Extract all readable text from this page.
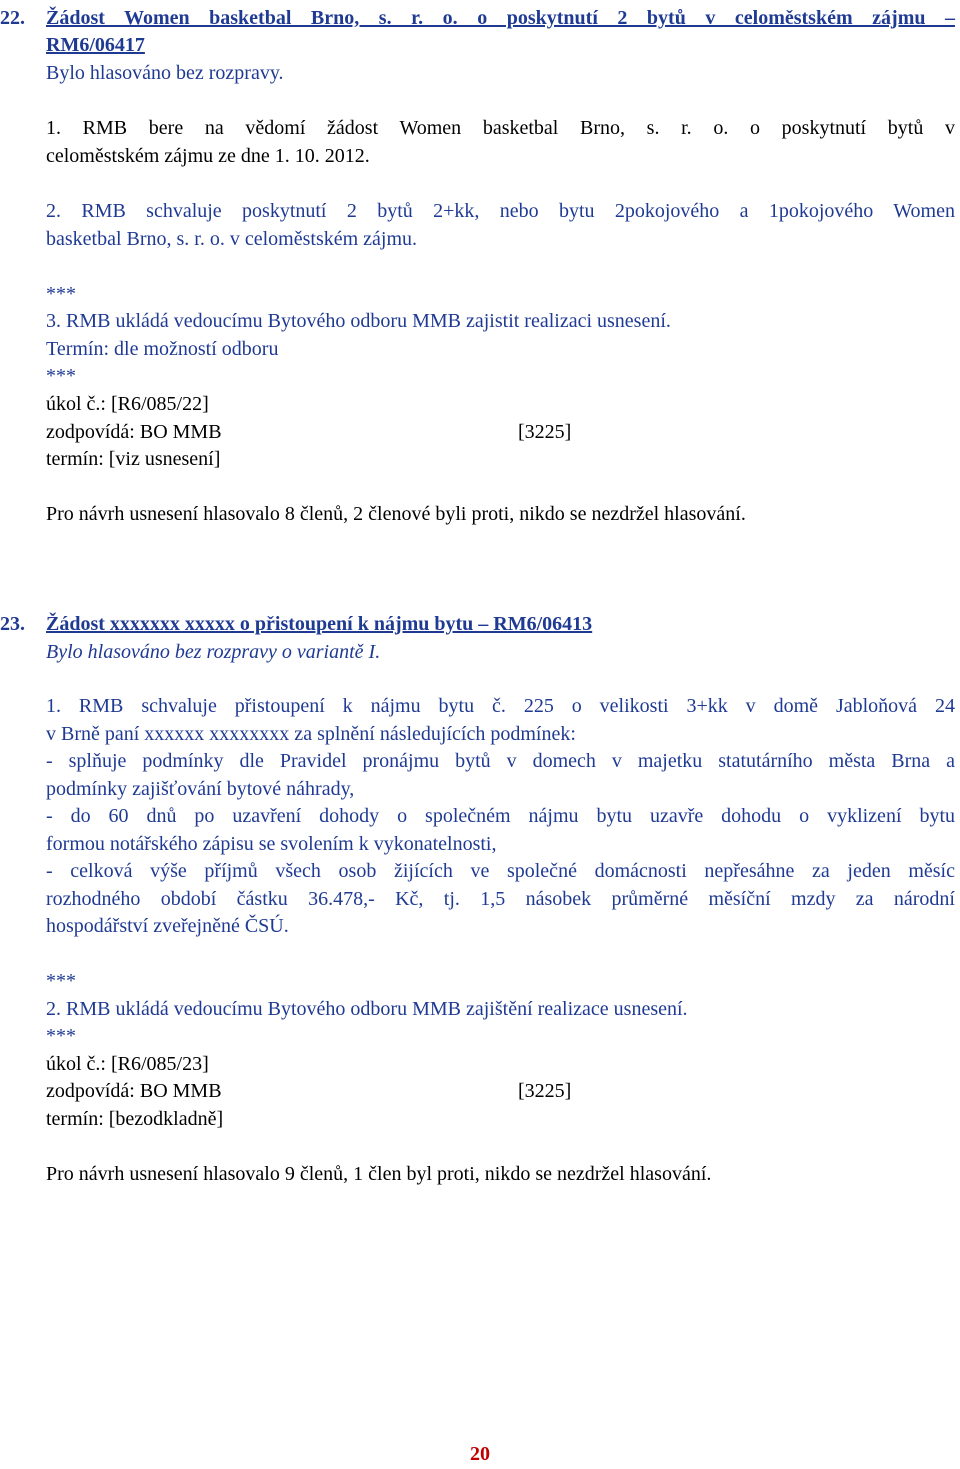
22. Žádost Women basketbal Brno, s. r. o. o poskytnutí 2 bytů v celoměstském zájmu –

RM6/06417

Bylo hlasováno bez rozpravy.

1. RMB bere na vědomí žádost Women basketbal Brno, s. r. o. o poskytnutí bytů v

celoměstském zájmu ze dne 1. 10. 2012.

2. RMB schvaluje poskytnutí 2 bytů 2+kk, nebo bytu 2pokojového a 1pokojového Women

basketbal Brno, s. r. o. v celoměstském zájmu.

***

3. RMB ukládá vedoucímu Bytového odboru MMB zajistit realizaci usnesení.

Termín: dle možností odboru

***

úkol č.: [R6/085/22]

zodpovídá: BO MMB	[3225]

termín: [viz usnesení]

Pro návrh usnesení hlasovalo 8 členů, 2 členové byli proti, nikdo se nezdržel hlasování.

23. Žádost xxxxxxx xxxxx o přistoupení k nájmu bytu – RM6/06413

Bylo hlasováno bez rozpravy o variantě I.

1. RMB schvaluje přistoupení k nájmu bytu č. 225 o velikosti 3+kk v domě Jabloňová 24

v Brně paní xxxxxx xxxxxxxx za splnění následujících podmínek:

- splňuje podmínky dle Pravidel pronájmu bytů v domech v majetku statutárního města Brna a

podmínky zajišťování bytové náhrady,

- do 60 dnů po uzavření dohody o společném nájmu bytu uzavře dohodu o vyklizení bytu

formou notářského zápisu se svolením k vykonatelnosti,

- celková výše příjmů všech osob žijících ve společné domácnosti nepřesáhne za jeden měsíc

rozhodného období částku 36.478,- Kč, tj. 1,5 násobek průměrné měsíční mzdy za národní

hospodářství zveřejněné ČSÚ.

***

2. RMB ukládá vedoucímu Bytového odboru MMB zajištění realizace usnesení.

***

úkol č.: [R6/085/23]

zodpovídá: BO MMB	[3225]

termín: [bezodkladně]

Pro návrh usnesení hlasovalo 9 členů, 1 člen byl proti, nikdo se nezdržel hlasování.

20
